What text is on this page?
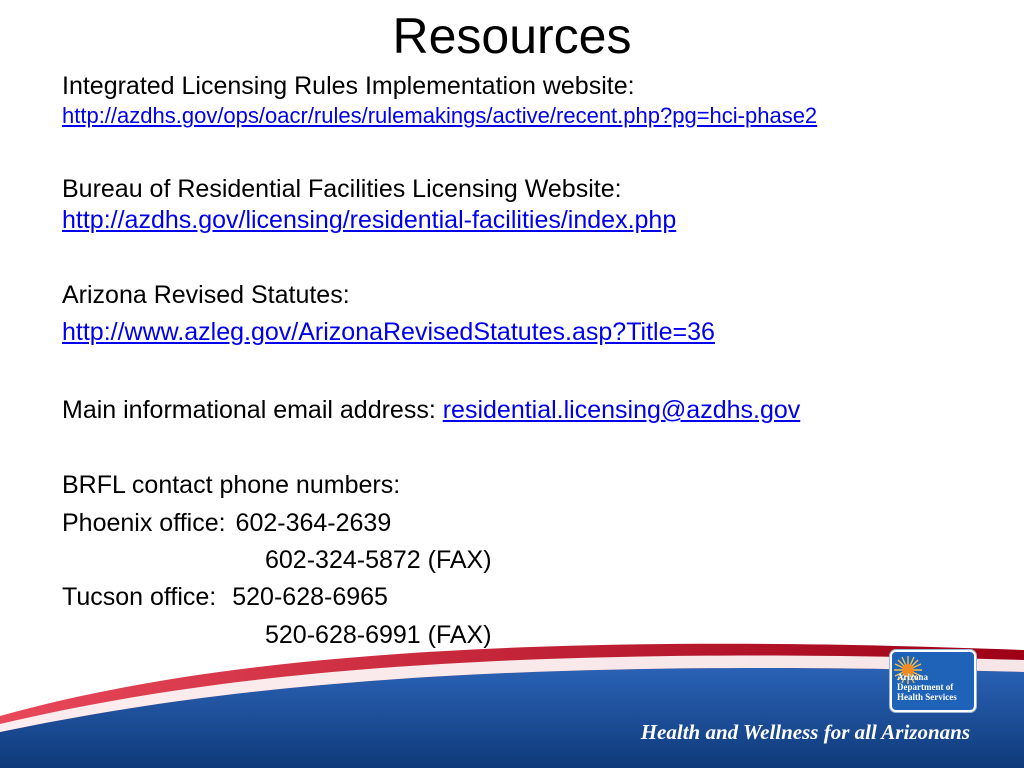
Resources
Integrated Licensing Rules Implementation website:
http://azdhs.gov/ops/oacr/rules/rulemakings/active/recent.php?pg=hci-phase2
Bureau of Residential Facilities Licensing Website:
http://azdhs.gov/licensing/residential-facilities/index.php
Arizona Revised Statutes:
http://www.azleg.gov/ArizonaRevisedStatutes.asp?Title=36
Main informational email address: residential.licensing@azdhs.gov
BRFL contact phone numbers:
Phoenix office: 602-364-2639
602-324-5872 (FAX)
Tucson office: 520-628-6965
520-628-6991 (FAX)
Arizona
Department of
Health Services
Health and Wellness for all Arizonans
